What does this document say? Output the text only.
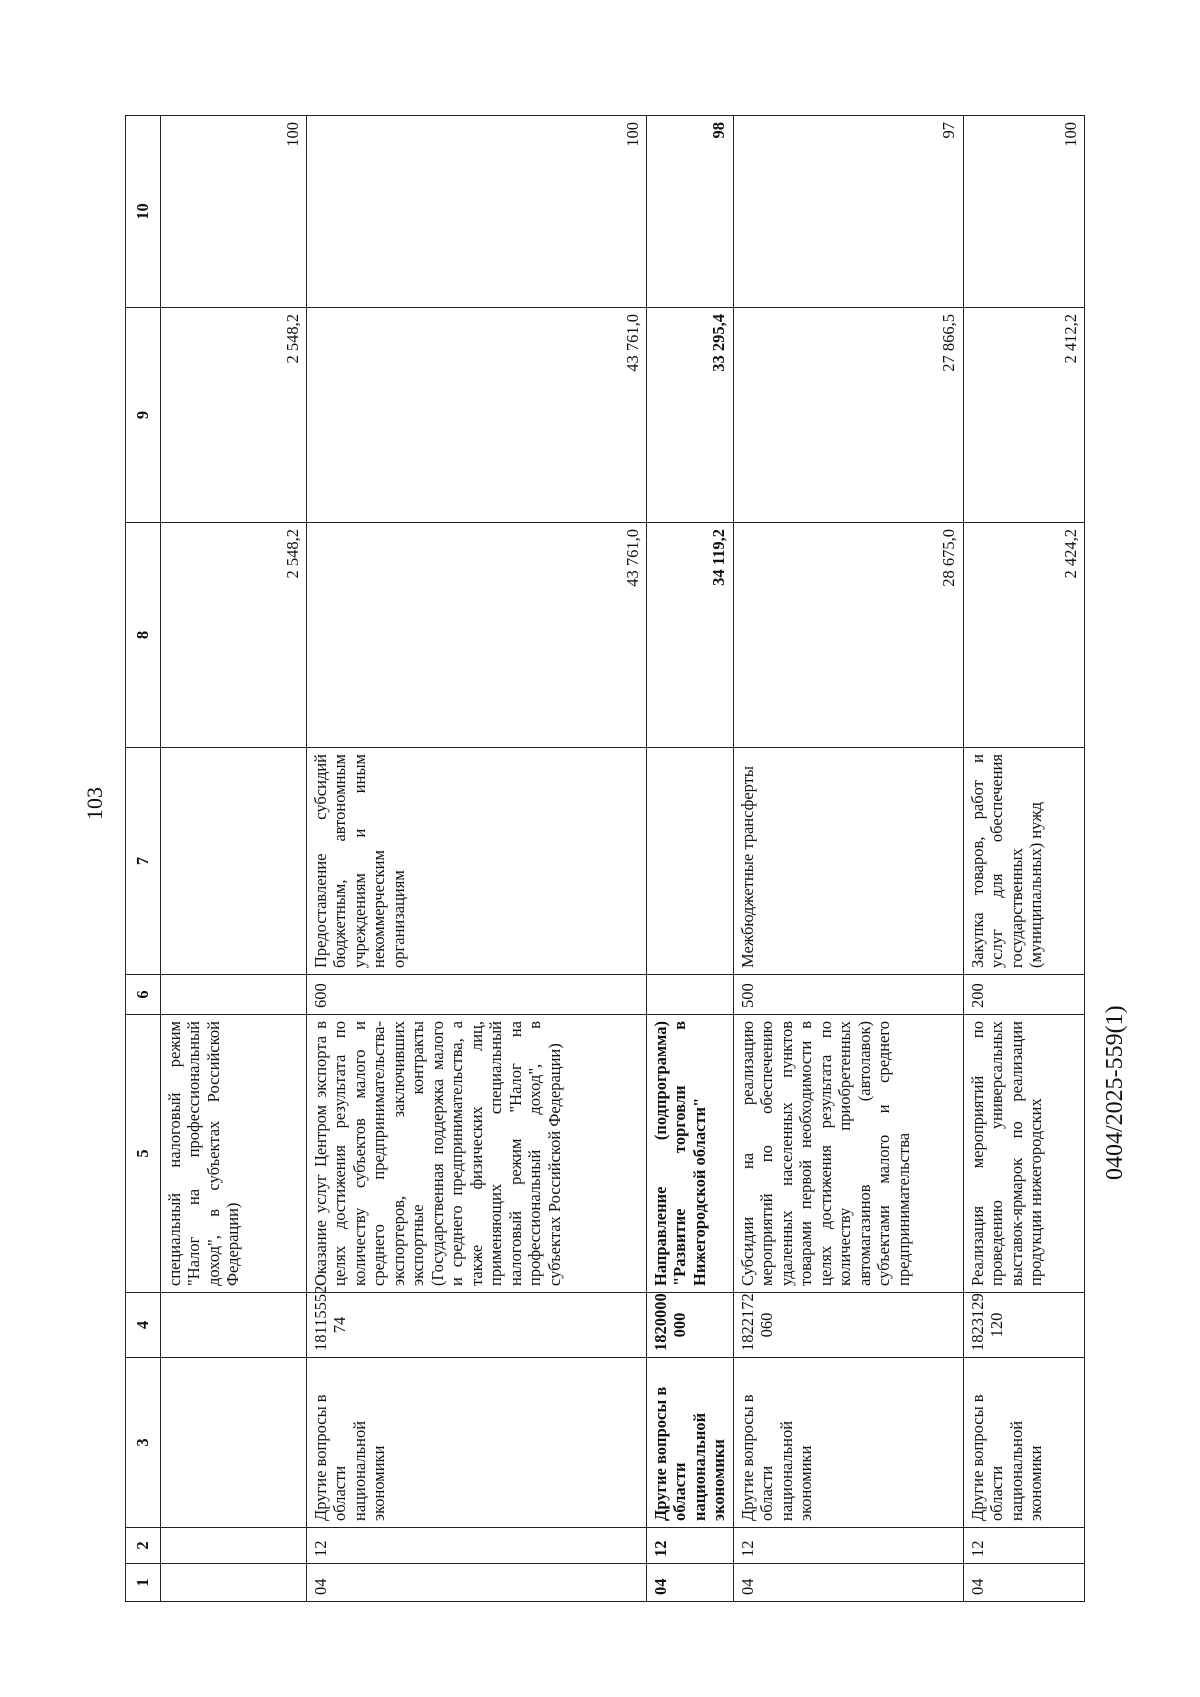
103
0404/2025-559(1)
1	2	3	4	5	6	7	8	9	10
				специальный налоговый режим "Налог на профессиональный доход", в субъектах Российской Федерации)			2 548,2	2 548,2	100
04	12	Другие вопросы в области национальной экономики	18115552 74	Оказание услуг Центром экспорта в целях достижения результата по количеству субъектов малого и среднего предпринимательства-экспортеров, заключивших экспортные контракты (Государственная поддержка малого и среднего предпринимательства, а также физических лиц, применяющих специальный налоговый режим "Налог на профессиональный доход", в субъектах Российской Федерации)	600	Предоставление субсидий бюджетным, автономным учреждениям и иным некоммерческим организациям	43 761,0	43 761,0	100
04	12	Другие вопросы в области национальной экономики	1820000 000	Направление (подпрограмма) "Развитие торговли в Нижегородской области"			34 119,2	33 295,4	98
04	12	Другие вопросы в области национальной экономики	1822172 060	Субсидии на реализацию мероприятий по обеспечению удаленных населенных пунктов товарами первой необходимости в целях достижения результата по количеству приобретенных автомагазинов (автолавок) субъектами малого и среднего предпринимательства	500	Межбюджетные трансферты	28 675,0	27 866,5	97
04	12	Другие вопросы в области национальной экономики	1823129 120	Реализация мероприятий по проведению универсальных выставок-ярмарок по реализации продукции нижегородских	200	Закупка товаров, работ и услуг для обеспечения государственных (муниципальных) нужд	2 424,2	2 412,2	100
